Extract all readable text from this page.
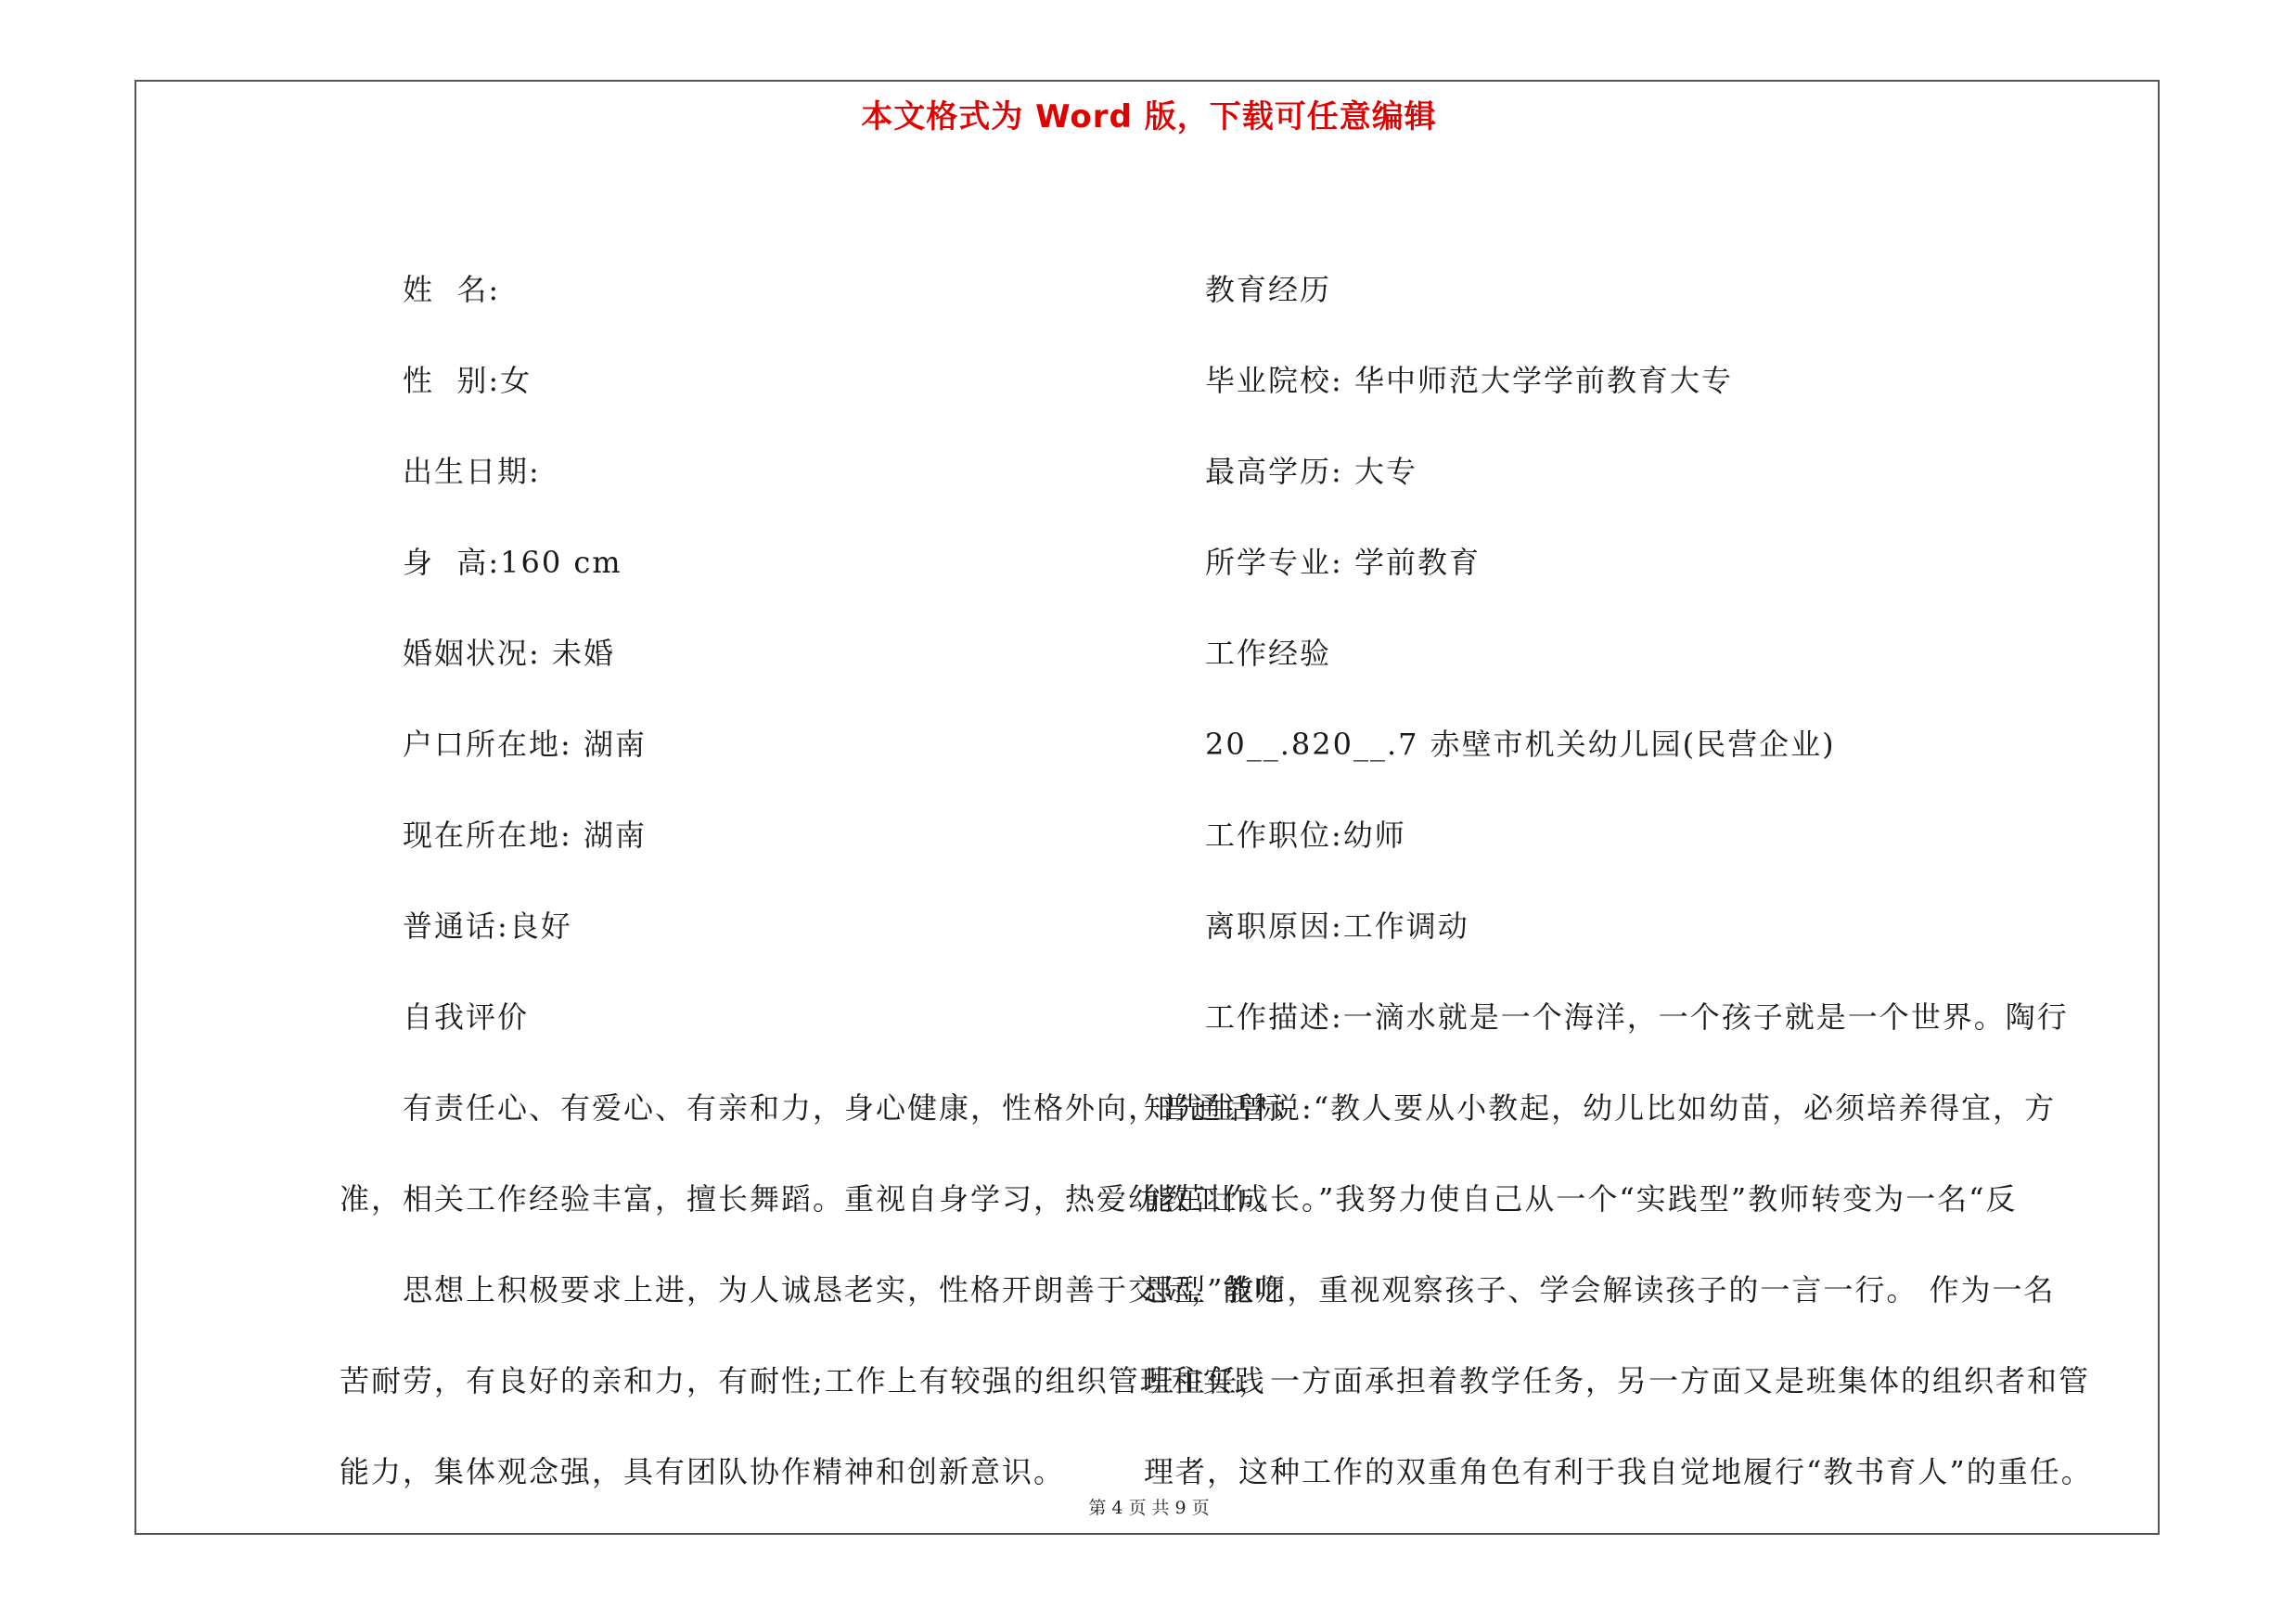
本文格式为 Word 版，下载可任意编辑
姓  名:
性  别:女
出生日期:
身  高:160 cm
婚姻状况: 未婚
户口所在地: 湖南
现在所在地: 湖南
普通话:良好
自我评价
有责任心、有爱心、有亲和力，身心健康，性格外向，普通话标
准，相关工作经验丰富，擅长舞蹈。重视自身学习，热爱幼教工作。
思想上积极要求上进，为人诚恳老实，性格开朗善于交际，能吃
苦耐劳，有良好的亲和力，有耐性;工作上有较强的组织管理和实践
能力，集体观念强，具有团队协作精神和创新意识。
教育经历
毕业院校: 华中师范大学学前教育大专
最高学历: 大专
所学专业: 学前教育
工作经验
20__.820__.7 赤壁市机关幼儿园(民营企业)
工作职位:幼师
离职原因:工作调动
工作描述:一滴水就是一个海洋，一个孩子就是一个世界。陶行
知先生曾说:“教人要从小教起，幼儿比如幼苗，必须培养得宜，方
能茁壮成长。”我努力使自己从一个“实践型”教师转变为一名“反
思型”教师，重视观察孩子、学会解读孩子的一言一行。 作为一名
班主任，一方面承担着教学任务，另一方面又是班集体的组织者和管
理者，这种工作的双重角色有利于我自觉地履行“教书育人”的重任。
第 4 页 共 9 页
